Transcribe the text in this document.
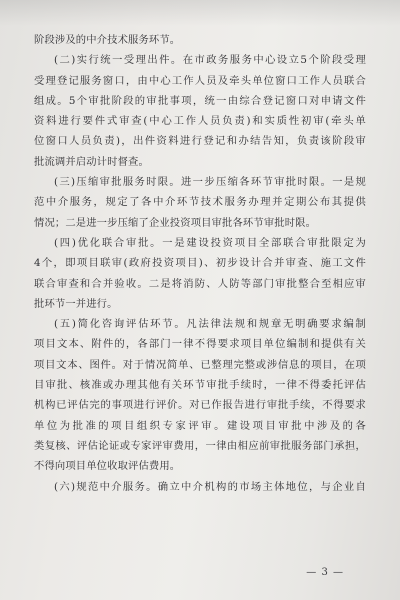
阶段涉及的中介技术服务环节。

(二)实行统一受理出件。在市政务服务中心设立5个阶段受理
受理登记服务窗口，由中心工作人员及牵头单位窗口工作人员联合
组成。5个审批阶段的审批事项，统一由综合登记窗口对申请文件
资料进行要件式审查(中心工作人员负责)和实质性初审(牵头单
位窗口人员负责)，出件资料进行登记和办结告知，负责该阶段审
批流调并启动计时督查。

(三)压缩审批服务时限。进一步压缩各环节审批时限。一是规
范中介服务，规定了各中介环节技术服务办理并定期公布其提供
情况；二是进一步压缩了企业投资项目审批各环节审批时限。

(四)优化联合审批。一是建设投资项目全部联合审批限定为
4个，即项目联审(政府投资项目)、初步设计合并审查、施工文件
联合审查和合并验收。二是将消防、人防等部门审批整合至相应审
批环节一并进行。

(五)简化咨询评估环节。凡法律法规和规章无明确要求编制
项目文本、附件的，各部门一律不得要求项目单位编制和提供有关
项目文本、图件。对于情况简单、已整理完整或涉信息的项目，在项
目审批、核准或办理其他有关环节审批手续时，一律不得委托评估
机构已评估完的事项进行评价。对已作报告进行审批手续，不得要求
单位为批准的项目组织专家评审。建设项目审批中涉及的各
类复核、评估论证或专家评审费用，一律由相应前审批服务部门承担，
不得向项目单位收取评估费用。

(六)规范中介服务。确立中介机构的市场主体地位，与企业自

— 3 —
